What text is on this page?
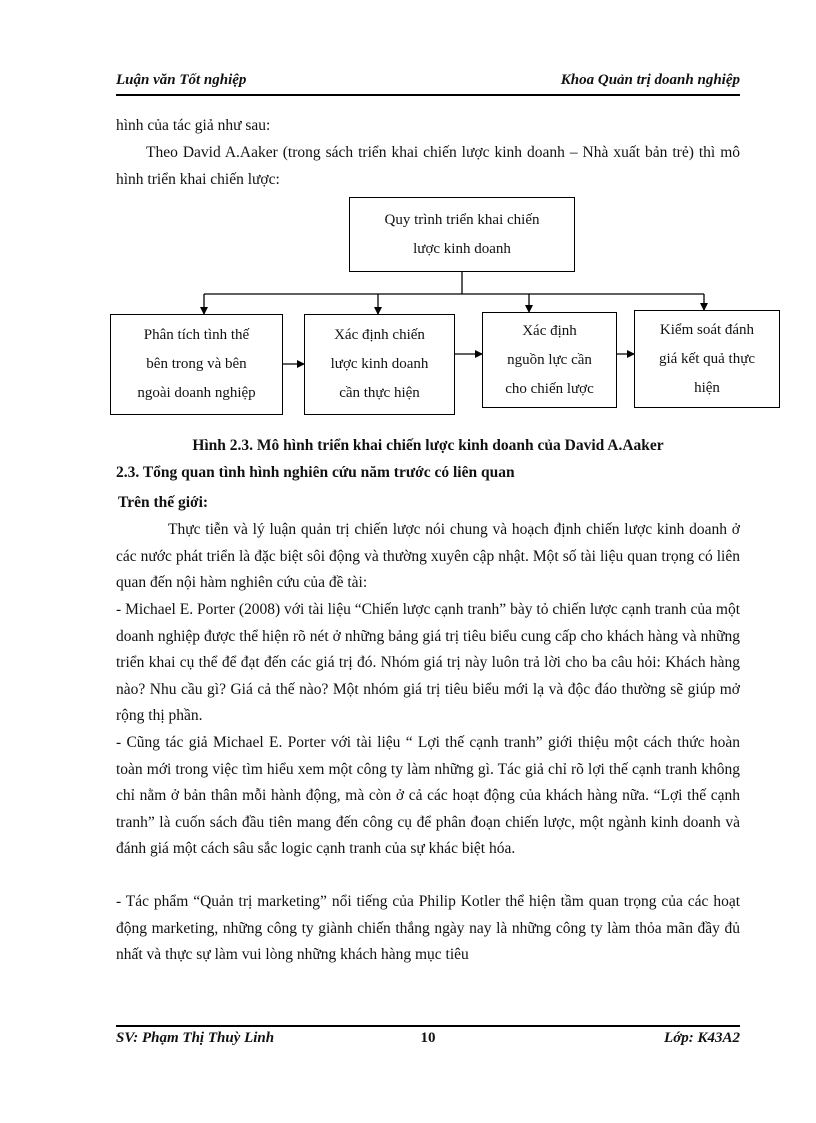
Luận văn Tốt nghiệp	Khoa Quản trị doanh nghiệp

hình của tác giả như sau:

Theo David A.Aaker (trong sách triển khai chiến lược kinh doanh – Nhà xuất bản trẻ) thì mô hình triển khai chiến lược:

Quy trình triển khai chiến
lược kinh doanh
Phân tích tình thế
bên trong và bên
ngoài doanh nghiệp
Xác định chiến
lược kinh doanh
cần thực hiện
Xác định
nguồn lực cần
cho chiến lược
Kiểm soát đánh
giá kết quả thực
hiện
Hình 2.3. Mô hình triển khai chiến lược kinh doanh của David A.Aaker
2.3. Tổng quan tình hình nghiên cứu năm trước có liên quan
Trên thế giới:

Thực tiễn và lý luận quản trị chiến lược nói chung và hoạch định chiến lược kinh doanh ở các nước phát triển là đặc biệt sôi động và thường xuyên cập nhật. Một số tài liệu quan trọng có liên quan đến nội hàm nghiên cứu của đề tài:

- Michael E. Porter (2008) với tài liệu “Chiến lược cạnh tranh” bày tỏ chiến lược cạnh tranh của một doanh nghiệp được thể hiện rõ nét ở những bảng giá trị tiêu biểu cung cấp cho khách hàng và những triển khai cụ thể để đạt đến các giá trị đó. Nhóm giá trị này luôn trả lời cho ba câu hỏi: Khách hàng nào? Nhu cầu gì? Giá cả thế nào? Một nhóm giá trị tiêu biểu mới lạ và độc đáo thường sẽ giúp mở rộng thị phần.

- Cũng tác giả Michael E. Porter với tài liệu “ Lợi thế cạnh tranh” giới thiệu một cách thức hoàn toàn mới trong việc tìm hiểu xem một công ty làm những gì. Tác giả chỉ rõ lợi thế cạnh tranh không chỉ nằm ở bản thân mỗi hành động, mà còn ở cả các hoạt động của khách hàng nữa. “Lợi thế cạnh tranh” là cuốn sách đầu tiên mang đến công cụ để phân đoạn chiến lược, một ngành kinh doanh và đánh giá một cách sâu sắc logic cạnh tranh của sự khác biệt hóa.

- Tác phẩm “Quản trị marketing” nổi tiếng của Philip Kotler thể hiện tầm quan trọng của các hoạt động marketing, những công ty giành chiến thắng ngày nay là những công ty làm thỏa mãn đầy đủ nhất và thực sự làm vui lòng những khách hàng mục tiêu

SV: Phạm Thị Thuỳ Linh	10	Lớp: K43A2
